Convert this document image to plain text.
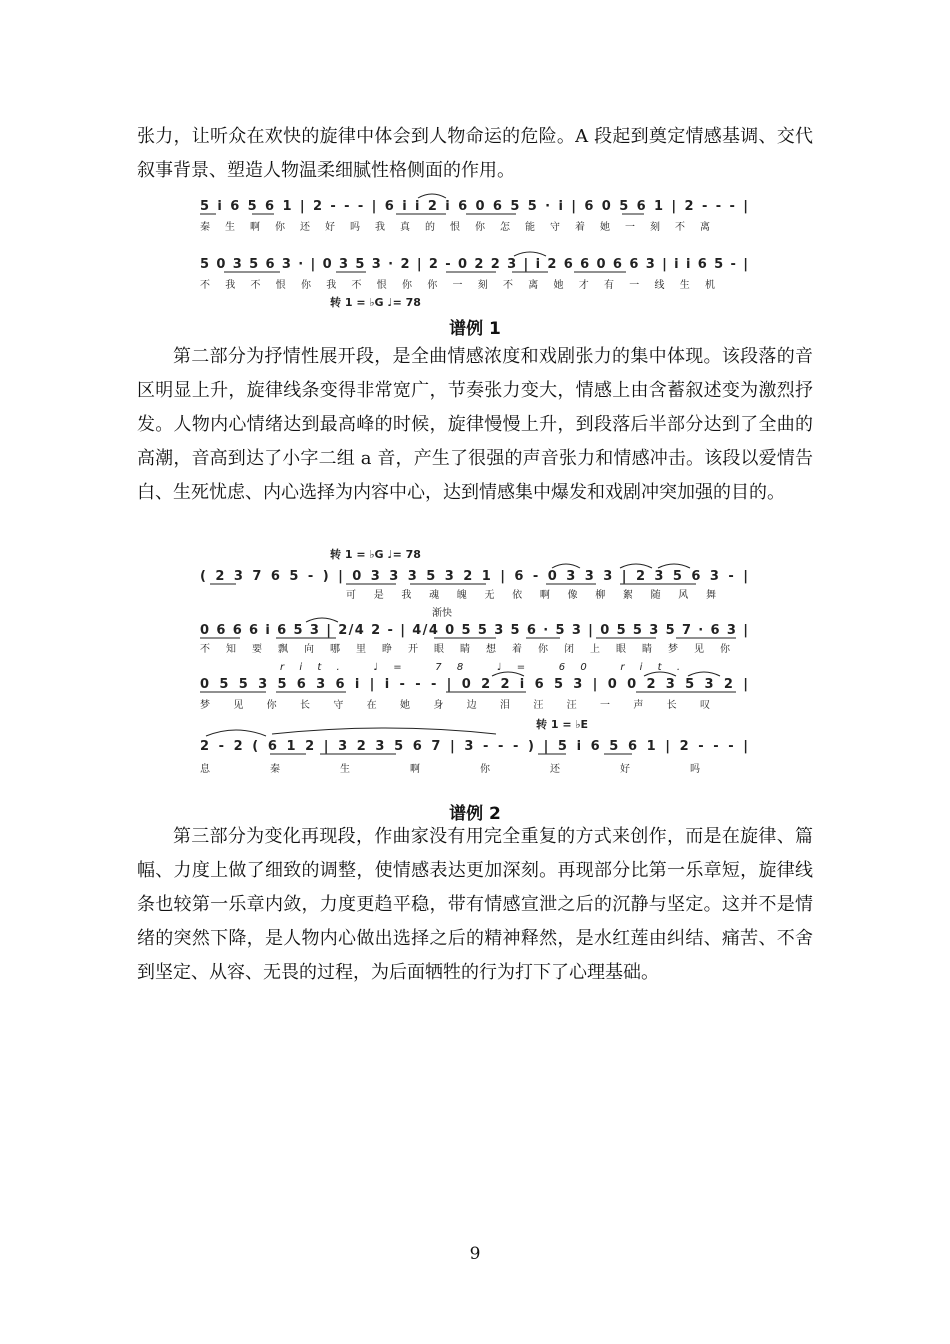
张力，让听众在欢快的旋律中体会到人物命运的危险。A 段起到奠定情感基调、交代叙事背景、塑造人物温柔细腻性格侧面的作用。

5 i 6 5 6 1 | 2 - - - | 6 i i 2 i 6 0 6 5 5 · i | 6 0 5 6 1 | 2 - - - |
秦 生 啊 你 还 好 吗 我 真 的 恨 你 怎 能 守 着 她 一 刻 不 离
5 0 3 5 6 3 · | 0 3 5 3 · 2 | 2 - 0 2 2 3 | i 2 6 6 0 6 6 3 | i i 6 5 - |
不 我 不 恨 你 我 不 恨 你 你 一 刻 不 离 她 才 有 一 线 生 机
转 1 = ♭G ♩= 78
谱例 1

第二部分为抒情性展开段，是全曲情感浓度和戏剧张力的集中体现。该段落的音区明显上升，旋律线条变得非常宽广，节奏张力变大，情感上由含蓄叙述变为激烈抒发。人物内心情绪达到最高峰的时候，旋律慢慢上升，到段落后半部分达到了全曲的高潮，音高到达了小字二组 a 音，产生了很强的声音张力和情感冲击。该段以爱情告白、生死忧虑、内心选择为内容中心，达到情感集中爆发和戏剧冲突加强的目的。

转 1 = ♭G ♩= 78
( 2 3 7 6 5 - ) | 0 3 3 3 5 3 2 1 | 6 - 0 3 3 3 | 2 3 5 6 3 - |
可 是 我 魂 魄 无 依 啊 像 柳 絮 随 风 舞
渐快
0 6 6 6 i 6 5 3 | 2/4 2 - | 4/4 0 5 5 3 5 6 · 5 3 | 0 5 5 3 5 7 · 6 3 |
不 知 要 飘 向 哪 里 睁 开 眼 睛 想 着 你 闭 上 眼 睛 梦 见 你
rit. ♩= 78 ♩= 60 rit.
0 5 5 3 5 6 3 6 i | i - - - | 0 2 2 i 6 5 3 | 0 0 2 3 5 3 2 |
梦 见 你 长 守 在 她 身 边 泪 汪 汪 一 声 长 叹
转 1 = ♭E
2 - 2 ( 6 1 2 | 3 2 3 5 6 7 | 3 - - - ) | 5 i 6 5 6 1 | 2 - - - |
息 秦 生 啊 你 还 好 吗
谱例 2

第三部分为变化再现段，作曲家没有用完全重复的方式来创作，而是在旋律、篇幅、力度上做了细致的调整，使情感表达更加深刻。再现部分比第一乐章短，旋律线条也较第一乐章内敛，力度更趋平稳，带有情感宣泄之后的沉静与坚定。这并不是情绪的突然下降，是人物内心做出选择之后的精神释然，是水红莲由纠结、痛苦、不舍到坚定、从容、无畏的过程，为后面牺牲的行为打下了心理基础。

9
